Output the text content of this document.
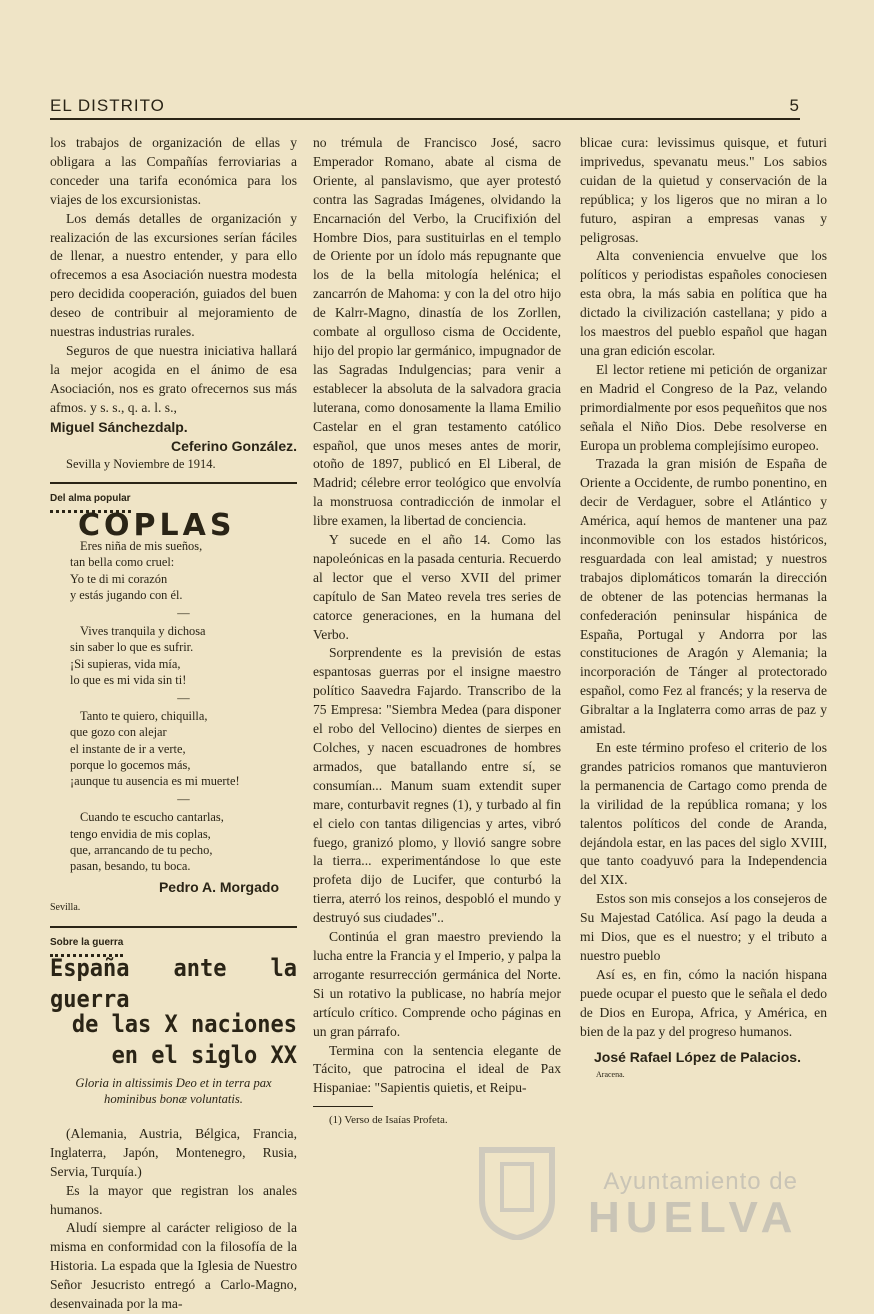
EL DISTRITO	5

los trabajos de organización de ellas y obligara a las Compañías ferroviarias a conceder una tarifa económica para los viajes de los excursionistas.

Los demás detalles de organización y realización de las excursiones serían fáciles de llenar, a nuestro entender, y para ello ofrecemos a esa Asociación nuestra modesta pero decidida cooperación, guiados del buen deseo de contribuir al mejoramiento de nuestras industrias rurales.

Seguros de que nuestra iniciativa hallará la mejor acogida en el ánimo de esa Asociación, nos es grato ofrecernos sus más afmos. y s. s., q. a. l. s.,

Miguel Sánchezdalp.

Ceferino González.

Sevilla y Noviembre de 1914.

Del alma popular
COPLAS
Eres niña de mis sueños,
tan bella como cruel:
Yo te di mi corazón
y estás jugando con él.
—
Vives tranquila y dichosa
sin saber lo que es sufrir.
¡Si supieras, vida mía,
lo que es mi vida sin ti!
—
Tanto te quiero, chiquilla,
que gozo con alejar
el instante de ir a verte,
porque lo gocemos más,
¡aunque tu ausencia es mi muerte!
—
Cuando te escucho cantarlas,
tengo envidia de mis coplas,
que, arrancando de tu pecho,
pasan, besando, tu boca.
Pedro A. Morgado
Sevilla.
Sobre la guerra
España ante la guerra
de las X naciones en el siglo XX
Gloria in altissimis Deo et in terra pax hominibus bonæ voluntatis.

(Alemania, Austria, Bélgica, Francia, Inglaterra, Japón, Montenegro, Rusia, Servia, Turquía.)

Es la mayor que registran los anales humanos.

Aludí siempre al carácter religioso de la misma en conformidad con la filosofía de la Historia. La espada que la Iglesia de Nuestro Señor Jesucristo entregó a Carlo-Magno, desenvainada por la ma-

no trémula de Francisco José, sacro Emperador Romano, abate al cisma de Oriente, al panslavismo, que ayer protestó contra las Sagradas Imágenes, olvidando la Encarnación del Verbo, la Crucifixión del Hombre Dios, para sustituirlas en el templo de Oriente por un ídolo más repugnante que los de la bella mitología helénica; el zancarrón de Mahoma: y con la del otro hijo de Kalrr-Magno, dinastía de los Zorllen, combate al orgulloso cisma de Occidente, hijo del propio lar germánico, impugnador de las Sagradas Indulgencias; para venir a establecer la absoluta de la salvadora gracia luterana, como donosamente la llama Emilio Castelar en el gran testamento católico español, que unos meses antes de morir, otoño de 1897, publicó en El Liberal, de Madrid; célebre error teológico que envolvía la monstruosa contradicción de inmolar el libre examen, la libertad de conciencia.

Y sucede en el año 14. Como las napoleónicas en la pasada centuria. Recuerdo al lector que el verso XVII del primer capítulo de San Mateo revela tres series de catorce generaciones, en la humana del Verbo.

Sorprendente es la previsión de estas espantosas guerras por el insigne maestro político Saavedra Fajardo. Transcribo de la 75 Empresa: "Siembra Medea (para disponer el robo del Vellocino) dientes de sierpes en Colches, y nacen escuadrones de hombres armados, que batallando entre sí, se consumían... Manum suam extendit super mare, conturbavit regnes (1), y turbado al fin el cielo con tantas diligencias y artes, vibró fuego, granizó plomo, y llovió sangre sobre la tierra... experimentándose lo que este profeta dijo de Lucifer, que conturbó la tierra, aterró los reinos, despobló el mundo y destruyó sus ciudades"..

Continúa el gran maestro previendo la lucha entre la Francia y el Imperio, y palpa la arrogante resurrección germánica del Norte. Si un rotativo la publicase, no habría mejor artículo crítico. Comprende ocho páginas en un gran párrafo.

Termina con la sentencia elegante de Tácito, que patrocina el ideal de Pax Hispaniae: "Sapientis quietis, et Reipu-

(1) Verso de Isaías Profeta.

blicae cura: levissimus quisque, et futuri imprivedus, spevanatu meus." Los sabios cuidan de la quietud y conservación de la república; y los ligeros que no miran a lo futuro, aspiran a empresas vanas y peligrosas.

Alta conveniencia envuelve que los políticos y periodistas españoles conociesen esta obra, la más sabia en política que ha dictado la civilización castellana; y pido a los maestros del pueblo español que hagan una gran edición escolar.

El lector retiene mi petición de organizar en Madrid el Congreso de la Paz, velando primordialmente por esos pequeñitos que nos señala el Niño Dios. Debe resolverse en Europa un problema complejísimo europeo.

Trazada la gran misión de España de Oriente a Occidente, de rumbo ponentino, en decir de Verdaguer, sobre el Atlántico y América, aquí hemos de mantener una paz inconmovible con los estados históricos, resguardada con leal amistad; y nuestros trabajos diplomáticos tomarán la dirección de obtener de las potencias hermanas la confederación peninsular hispánica de España, Portugal y Andorra por las constituciones de Aragón y Alemania; la incorporación de Tánger al protectorado español, como Fez al francés; y la reserva de Gibraltar a la Inglaterra como arras de paz y amistad.

En este término profeso el criterio de los grandes patricios romanos que mantuvieron la permanencia de Cartago como prenda de la virilidad de la república romana; y los talentos políticos del conde de Aranda, dejándola estar, en las paces del siglo XVIII, que tanto coadyuvó para la Independencia del XIX.

Estos son mis consejos a los consejeros de Su Majestad Católica. Así pago la deuda a mi Dios, que es el nuestro; y el tributo a nuestro pueblo

Así es, en fin, cómo la nación hispana puede ocupar el puesto que le señala el dedo de Dios en Europa, Africa, y América, en bien de la paz y del progreso humanos.

José Rafael López de Palacios.

Aracena.

Ayuntamiento de
HUELVA
